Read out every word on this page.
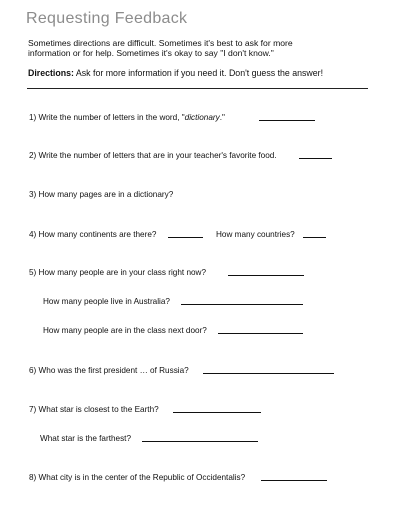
Requesting Feedback
Sometimes directions are difficult. Sometimes it's best to ask for more
information or for help. Sometimes it's okay to say "I don't know."
Directions: Ask for more information if you need it. Don't guess the answer!
1) Write the number of letters in the word, "dictionary."
2) Write the number of letters that are in your teacher's favorite food.
3) How many pages are in a dictionary?
4) How many continents are there?	How many countries?
5) How many people are in your class right now?
How many people live in Australia?
How many people are in the class next door?
6) Who was the first president … of Russia?
7) What star is closest to the Earth?
What star is the farthest?
8) What city is in the center of the Republic of Occidentalis?
